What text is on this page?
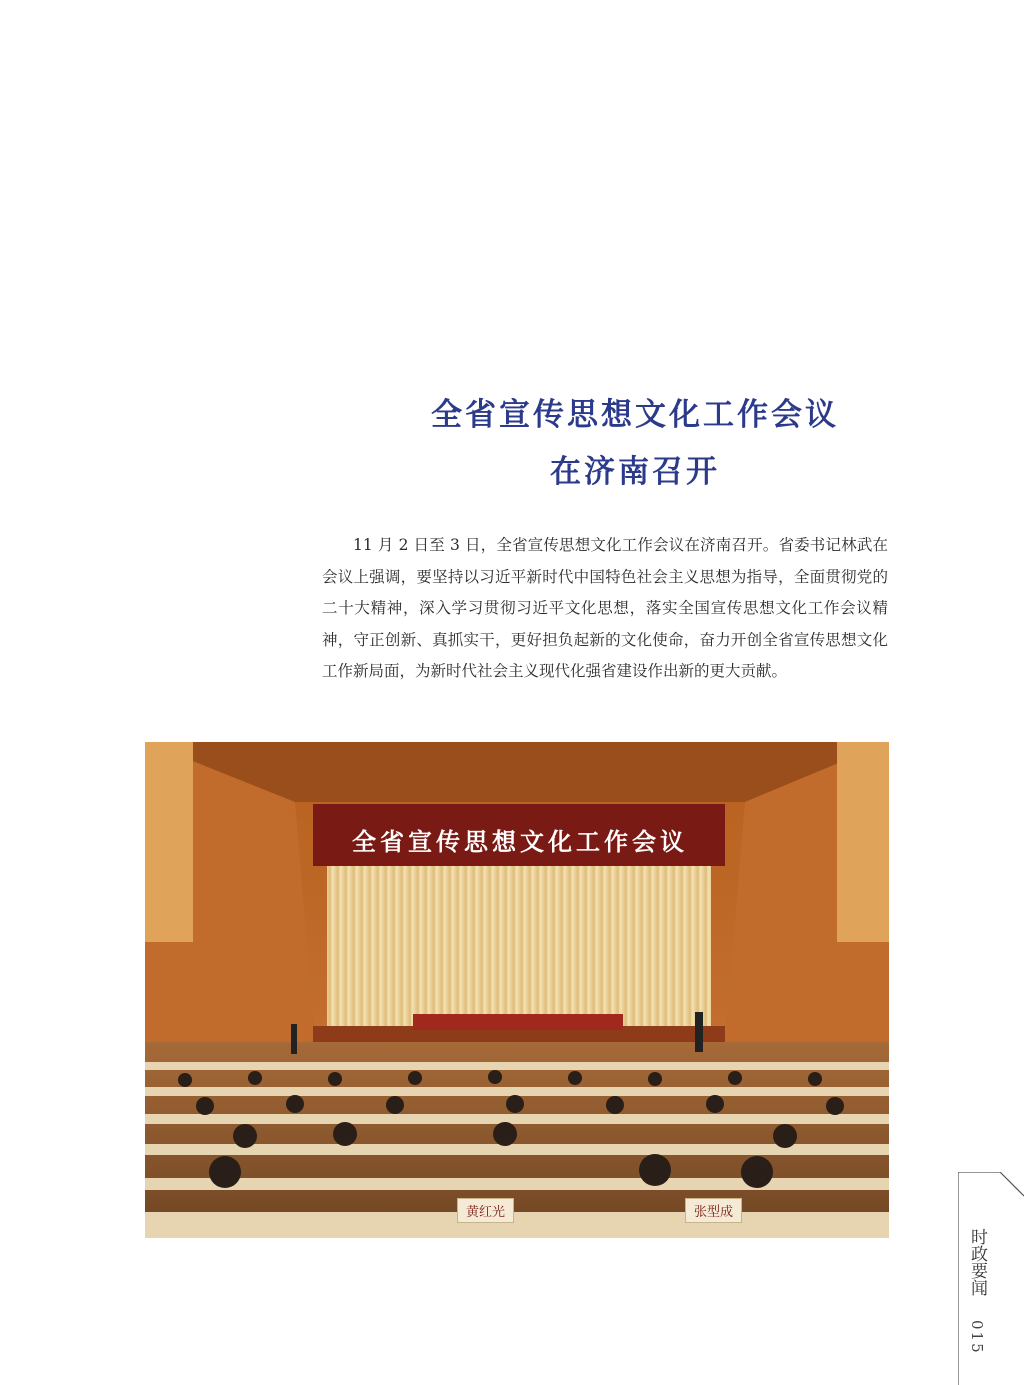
全省宣传思想文化工作会议
在济南召开

11 月 2 日至 3 日，全省宣传思想文化工作会议在济南召开。省委书记林武在会议上强调，要坚持以习近平新时代中国特色社会主义思想为指导，全面贯彻党的二十大精神，深入学习贯彻习近平文化思想，落实全国宣传思想文化工作会议精神，守正创新、真抓实干，更好担负起新的文化使命，奋力开创全省宣传思想文化工作新局面，为新时代社会主义现代化强省建设作出新的更大贡献。

全省宣传思想文化工作会议
黄红光	张型成
时政要闻
015
